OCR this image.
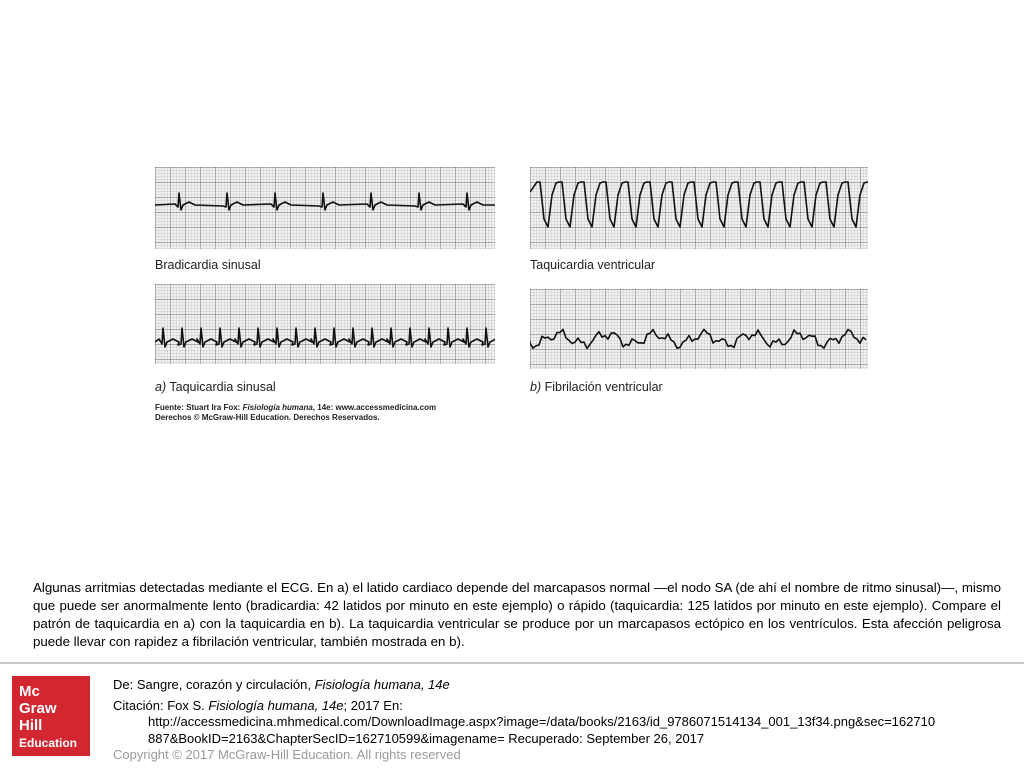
Bradicardia sinusal
a) Taquicardia sinusal
Taquicardia ventricular
b) Fibrilación ventricular
Fuente: Stuart Ira Fox: Fisiología humana, 14e: www.accessmedicina.com
Derechos © McGraw-Hill Education. Derechos Reservados.
Algunas arritmias detectadas mediante el ECG. En a) el latido cardiaco depende del marcapasos normal —el nodo SA (de ahí el nombre de ritmo sinusal)—, mismo que puede ser anormalmente lento (bradicardia: 42 latidos por minuto en este ejemplo) o rápido (taquicardia: 125 latidos por minuto en este ejemplo). Compare el patrón de taquicardia en a) con la taquicardia en b). La taquicardia ventricular se produce por un marcapasos ectópico en los ventrículos. Esta afección peligrosa puede llevar con rapidez a fibrilación ventricular, también mostrada en b).
Mc
Graw
Hill
Education
De: Sangre, corazón y circulación, Fisiología humana, 14e
Citación: Fox S. Fisiología humana, 14e; 2017 En:
http://accessmedicina.mhmedical.com/DownloadImage.aspx?image=/data/books/2163/id_9786071514134_001_13f34.png&sec=162710
887&BookID=2163&ChapterSecID=162710599&imagename= Recuperado: September 26, 2017
Copyright © 2017 McGraw-Hill Education. All rights reserved
